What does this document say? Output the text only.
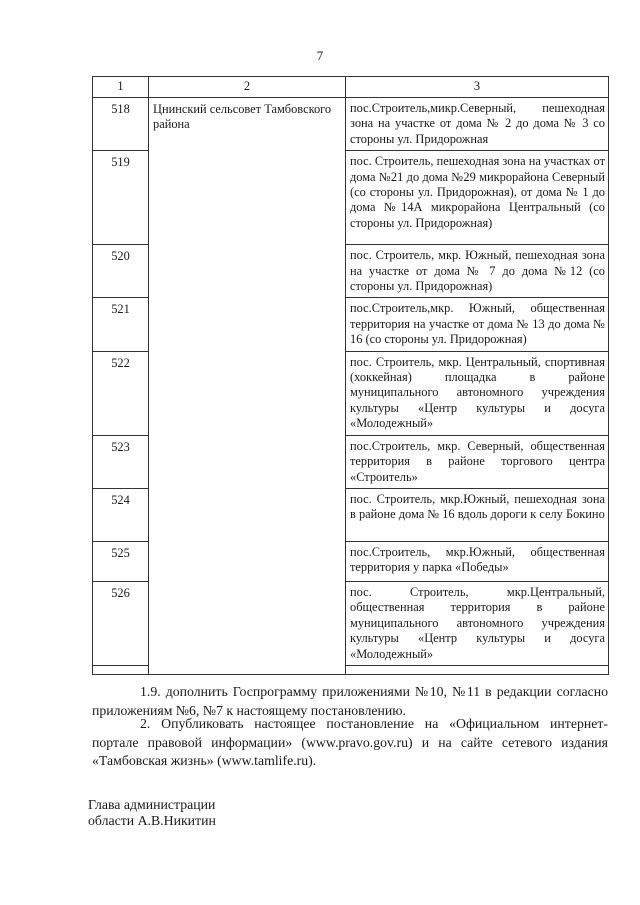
7
1	2	3
518	Цнинский сельсовет Тамбовского района	пос.Строитель,микр.Северный, пешеходная зона на участке от дома № 2 до дома № 3 со стороны ул. Придорожная
519		пос. Строитель, пешеходная зона на участках от дома №21 до дома №29 микрорайона Северный (со стороны ул. Придорожная), от дома № 1 до дома №14А микрорайона Центральный (со стороны ул. Придорожная)
520		пос. Строитель, мкр. Южный, пешеходная зона на участке от дома № 7 до дома №12 (со стороны ул. Придорожная)
521		пос.Строитель,мкр. Южный, общественная территория на участке от дома № 13 до дома № 16 (со стороны ул. Придорожная)
522		пос. Строитель, мкр. Центральный, спортивная (хоккейная) площадка в районе муниципального автономного учреждения культуры «Центр культуры и досуга «Молодежный»
523		пос.Строитель, мкр. Северный, общественная территория в районе торгового центра «Строитель»
524		пос. Строитель, мкр.Южный, пешеходная зона в районе дома № 16 вдоль дороги к селу Бокино
525		пос.Строитель, мкр.Южный, общественная территория у парка «Победы»
526		пос. Строитель, мкр.Центральный, общественная территория в районе муниципального автономного учреждения культуры «Центр культуры и досуга «Молодежный»

1.9. дополнить Госпрограмму приложениями №10, №11 в редакции согласно приложениям №6, №7 к настоящему постановлению.

2. Опубликовать настоящее постановление на «Официальном интернет-портале правовой информации» (www.pravo.gov.ru) и на сайте сетевого издания «Тамбовская жизнь» (www.tamlife.ru).

Глава администрации
области А.В.Никитин
